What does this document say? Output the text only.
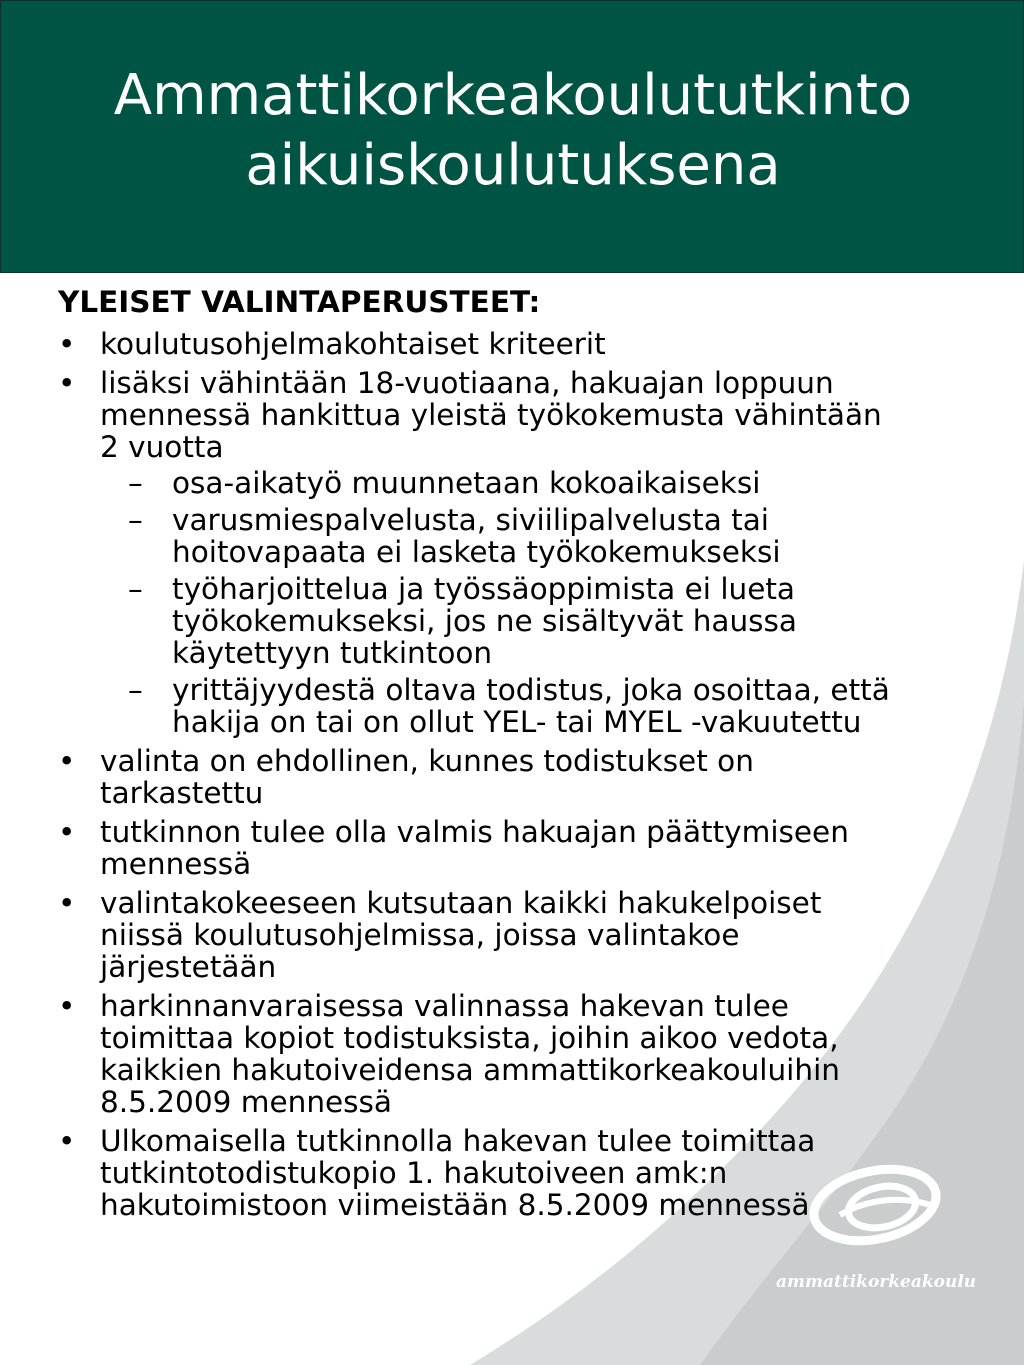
Ammattikorkeakoulututkinto
aikuiskoulutuksena
YLEISET VALINTAPERUSTEET:
• koulutusohjelmakohtaiset kriteerit
• lisäksi vähintään 18-vuotiaana, hakuajan loppuun
mennessä hankittua yleistä työkokemusta vähintään
2 vuotta
– osa-aikatyö muunnetaan kokoaikaiseksi
– varusmiespalvelusta, siviilipalvelusta tai
hoitovapaata ei lasketa työkokemukseksi
– työharjoittelua ja työssäoppimista ei lueta
työkokemukseksi, jos ne sisältyvät haussa
käytettyyn tutkintoon
– yrittäjyydestä oltava todistus, joka osoittaa, että
hakija on tai on ollut YEL- tai MYEL -vakuutettu
• valinta on ehdollinen, kunnes todistukset on
tarkastettu
• tutkinnon tulee olla valmis hakuajan päättymiseen
mennessä
• valintakokeeseen kutsutaan kaikki hakukelpoiset
niissä koulutusohjelmissa, joissa valintakoe
järjestetään
• harkinnanvaraisessa valinnassa hakevan tulee
toimittaa kopiot todistuksista, joihin aikoo vedota,
kaikkien hakutoiveidensa ammattikorkeakouluihin
8.5.2009 mennessä
• Ulkomaisella tutkinnolla hakevan tulee toimittaa
tutkintotodistukopio 1. hakutoiveen amk:n
hakutoimistoon viimeistään 8.5.2009 mennessä
ammattikorkeakoulu
